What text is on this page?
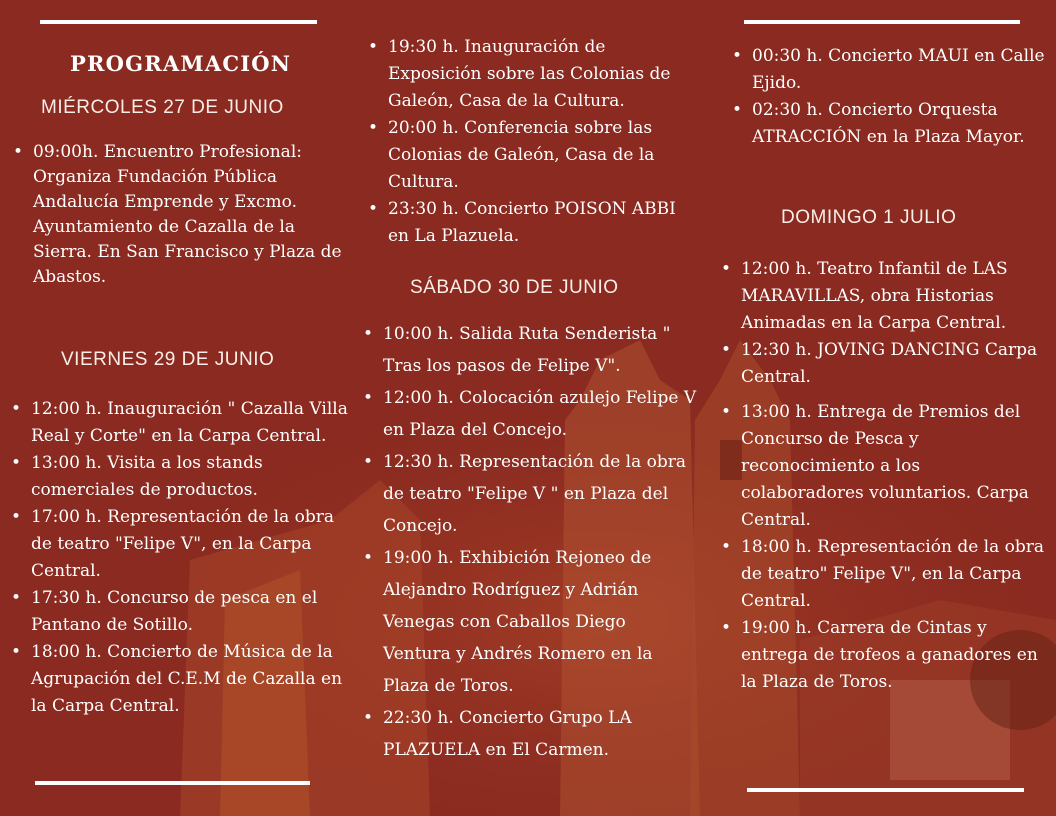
PROGRAMACIÓN
MIÉRCOLES 27 DE JUNIO
• 09:00h. Encuentro Profesional:
Organiza Fundación Pública Andalucía Emprende y Excmo. Ayuntamiento de Cazalla de la Sierra. En San Francisco y Plaza de Abastos.
VIERNES 29 DE JUNIO
• 12:00 h. Inauguración " Cazalla Villa Real y Corte" en la Carpa Central.
• 13:00 h. Visita a los stands comerciales de productos.
• 17:00 h. Representación de la obra de teatro "Felipe V", en la Carpa Central.
• 17:30 h. Concurso de pesca en el Pantano de Sotillo.
• 18:00 h. Concierto de Música de la Agrupación del C.E.M de Cazalla en la Carpa Central.
• 19:30 h. Inauguración de Exposición sobre las Colonias de Galeón, Casa de la Cultura.
• 20:00 h. Conferencia sobre las Colonias de Galeón, Casa de la Cultura.
• 23:30 h. Concierto POISON ABBI en La Plazuela.
SÁBADO 30 DE JUNIO
• 10:00 h. Salida Ruta Senderista " Tras los pasos de Felipe V".
• 12:00 h. Colocación azulejo Felipe V en Plaza del Concejo.
• 12:30 h. Representación de la obra de teatro "Felipe V " en Plaza del Concejo.
• 19:00 h. Exhibición Rejoneo de Alejandro Rodríguez y Adrián Venegas con Caballos Diego Ventura y Andrés Romero en la Plaza de Toros.
• 22:30 h. Concierto Grupo LA PLAZUELA en El Carmen.
• 00:30 h. Concierto MAUI en Calle Ejido.
• 02:30 h. Concierto Orquesta ATRACCIÓN en la Plaza Mayor.
DOMINGO 1 JULIO
• 12:00 h. Teatro Infantil de LAS MARAVILLAS, obra Historias Animadas en la Carpa Central.
• 12:30 h. JOVING DANCING Carpa Central.
• 13:00 h. Entrega de Premios del Concurso de Pesca y reconocimiento a los colaboradores voluntarios. Carpa Central.
• 18:00 h. Representación de la obra de teatro" Felipe V", en la Carpa Central.
• 19:00 h. Carrera de Cintas y entrega de trofeos a ganadores en la Plaza de Toros.
